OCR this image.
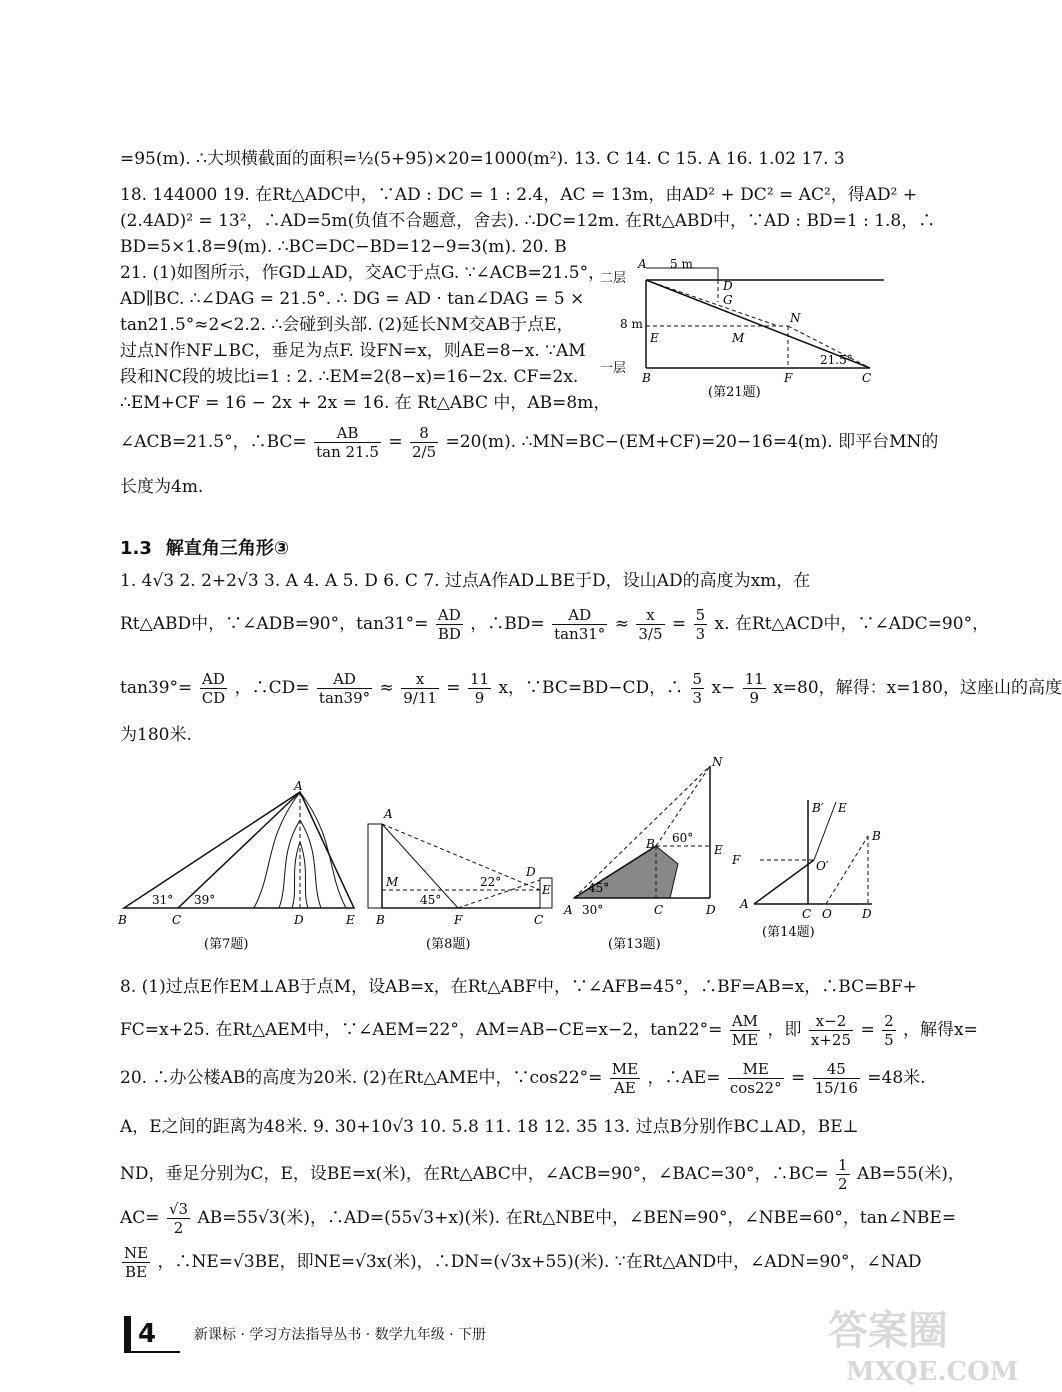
=95(m). ∴大坝横截面的面积=½(5+95)×20=1000(m²). 13. C 14. C 15. A 16. 1.02 17. 3
18. 144000 19. 在Rt△ADC中，∵AD : DC = 1 : 2.4，AC = 13m，由AD² + DC² = AC²，得AD² +
(2.4AD)² = 13²，∴AD=5m(负值不合题意，舍去). ∴DC=12m. 在Rt△ABD中，∵AD : BD=1 : 1.8，∴
BD=5×1.8=9(m). ∴BC=DC−BD=12−9=3(m). 20. B
21. (1)如图所示，作GD⊥AD，交AC于点G. ∵∠ACB=21.5°，
AD∥BC. ∴∠DAG = 21.5°. ∴ DG = AD · tan∠DAG = 5 ×
tan21.5°≈2<2.2. ∴会碰到头部. (2)延长NM交AB于点E，
过点N作NF⊥BC，垂足为点F. 设FN=x，则AE=8−x. ∵AM
段和NC段的坡比i=1 : 2. ∴EM=2(8−x)=16−2x. CF=2x.
∴EM+CF = 16 − 2x + 2x = 16. 在 Rt△ABC 中，AB=8m，
∠ACB=21.5°，∴BC= $\frac{AB}{\tan 21.5} = \frac{8}{2/5} =20(m)$. ∴MN=BC−(EM+CF)=20−16=4(m). 即平台MN的
长度为4m.
二层
一层
A
D
G
N
E	M
B	F	C
5 m
8 m
21.5°
(第21题)
1.3 解直角三角形③
1. 4√3 2. 2+2√3 3. A 4. A 5. D 6. C 7. 过点A作AD⊥BE于D，设山AD的高度为xm，在
Rt△ABD中，∵∠ADB=90°，$\tan 31^\circ= \frac{AD}{BD}$ ，∴BD= $\frac{AD}{\tan 31^\circ} \approx \frac{x}{3/5} = \frac{5}{3} x$. 在Rt△ACD中，∵∠ADC=90°，
$\tan 39^\circ= \frac{AD}{CD}$ ，∴CD= $\frac{AD}{\tan 39^\circ} \approx \frac{x}{9/11} = \frac{11}{9}$ x，∵BC=BD−CD，∴ $\frac{5}{3} x- \frac{11}{9} x=80$，解得：x=180，这座山的高度
为180米.
A
B	C	D	E
31° 39°
(第7题)
A
M
B	F	C
D
E
45°
22°
(第8题)
N
B	E
A	C	D
60°
45°
30°
(第13题)
B′ E
B
F	O′
A
C O	D
(第14题)
8. (1)过点E作EM⊥AB于点M，设AB=x，在Rt△ABF中，∵∠AFB=45°，∴BF=AB=x，∴BC=BF+
FC=x+25. 在Rt△AEM中，∵∠AEM=22°，AM=AB−CE=x−2，$\tan 22^\circ= \frac{AM}{ME}$ ，即 $\frac{x-2}{x+25} = \frac{2}{5}$ ，解得x=
20. ∴办公楼AB的高度为20米. (2)在Rt△AME中，∵cos22°= $\frac{ME}{AE}$ ，∴AE= $\frac{ME}{\cos 22^\circ} = \frac{45}{15/16} =48$米.
A，E之间的距离为48米. 9. 30+10√3 10. 5.8 11. 18 12. 35 13. 过点B分别作BC⊥AD，BE⊥
ND，垂足分别为C，E，设BE=x(米)，在Rt△ABC中，∠ACB=90°，∠BAC=30°，∴BC= $\frac{1}{2} AB=55$(米)，
$AC= \frac{√3}{2} AB=55√3$(米)，∴AD=(55√3+x)(米). 在Rt△NBE中，∠BEN=90°，∠NBE=60°，tan∠NBE=
$\frac{NE}{BE}$ ，∴NE=√3BE，即NE=√3x(米)，∴DN=(√3x+55)(米). ∵在Rt△AND中，∠ADN=90°，∠NAD
4	新课标 · 学习方法指导丛书 · 数学九年级 · 下册	答案圈
MXQE.COM
